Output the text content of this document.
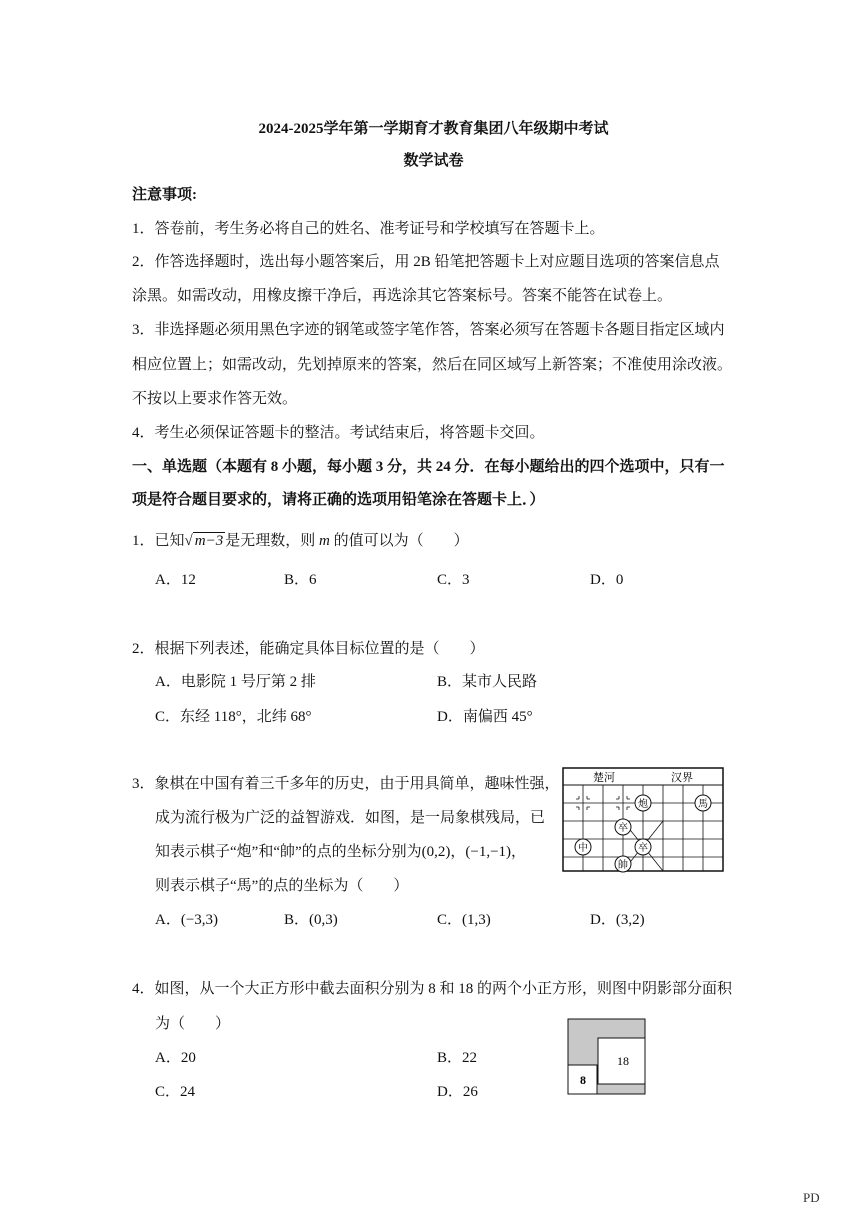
2024-2025学年第一学期育才教育集团八年级期中考试
数学试卷
注意事项:
1．答卷前，考生务必将自己的姓名、准考证号和学校填写在答题卡上。
2．作答选择题时，选出每小题答案后，用 2B 铅笔把答题卡上对应题目选项的答案信息点
涂黑。如需改动，用橡皮擦干净后，再选涂其它答案标号。答案不能答在试卷上。
3．非选择题必须用黑色字迹的钢笔或签字笔作答，答案必须写在答题卡各题目指定区域内
相应位置上；如需改动，先划掉原来的答案，然后在同区域写上新答案；不准使用涂改液。
不按以上要求作答无效。
4．考生必须保证答题卡的整洁。考试结束后，将答题卡交回。
一、单选题（本题有 8 小题，每小题 3 分，共 24 分．在每小题给出的四个选项中，只有一
项是符合题目要求的，请将正确的选项用铅笔涂在答题卡上．）
1．已知√ m−3 是无理数，则 m 的值可以为（　　）
A．12	B．6	C．3	D．0
2．根据下列表述，能确定具体目标位置的是（　　）
A．电影院 1 号厅第 2 排	B．某市人民路
C．东经 118°，北纬 68°	D．南偏西 45°
3．象棋在中国有着三千多年的历史，由于用具简单，趣味性强，
成为流行极为广泛的益智游戏．如图，是一局象棋残局，已
知表示棋子“炮”和“帥”的点的坐标分别为(0,2)，(−1,−1)，
则表示棋子“馬”的点的坐标为（　　）
A．(−3,3)	B．(0,3)	C．(1,3)	D．(3,2)
楚河	汉界
炮	馬
卒
中	卒
帥
4．如图，从一个大正方形中截去面积分别为 8 和 18 的两个小正方形，则图中阴影部分面积
为（　　）
A．20	B．22
C．24	D．26
18
8
PD
